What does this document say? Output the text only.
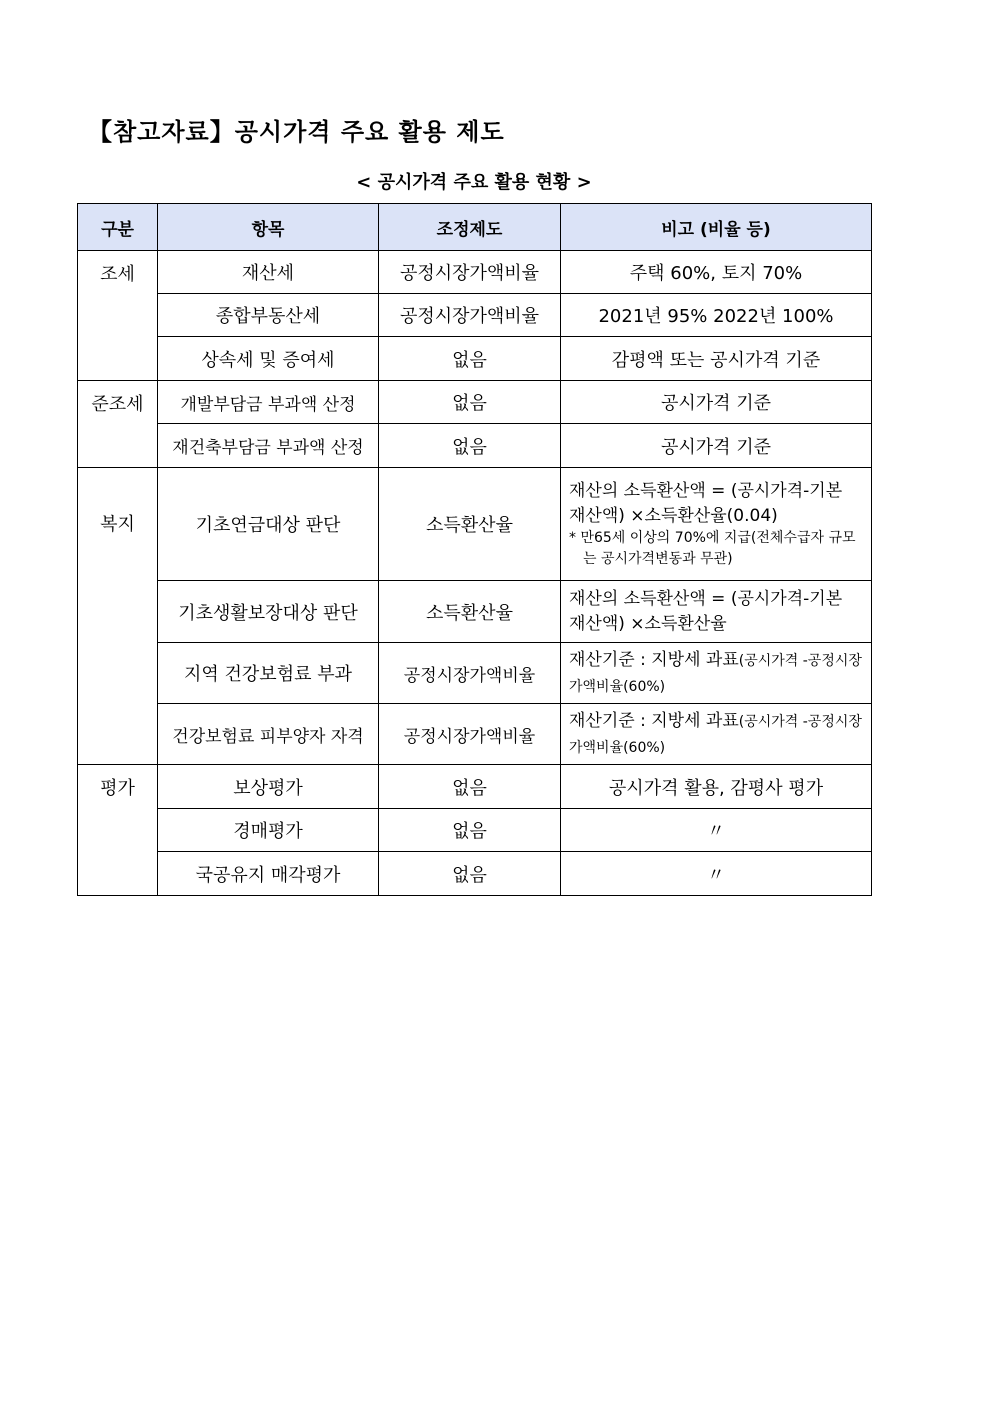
【참고자료】공시가격 주요 활용 제도
< 공시가격 주요 활용 현황 >
구분	항목	조정제도	비고 (비율 등)
조세	재산세	공정시장가액비율	주택 60%, 토지 70%
	종합부동산세	공정시장가액비율	2021년 95% 2022년 100%
	상속세 및 증여세	없음	감평액 또는 공시가격 기준
준조세	개발부담금 부과액 산정	없음	공시가격 기준
	재건축부담금 부과액 산정	없음	공시가격 기준
복지	기초연금대상 판단	소득환산율	재산의 소득환산액 = (공시가격-기본 재산액) ×소득환산율(0.04)
* 만65세 이상의 70%에 지급(전체수급자 규모는 공시가격변동과 무관)

	기초생활보장대상 판단	소득환산율	재산의 소득환산액 = (공시가격-기본 재산액) ×소득환산율

	지역 건강보험료 부과	공정시장가액비율	재산기준 : 지방세 과표(공시가격 -공정시장가액비율(60%)
	건강보험료 피부양자 자격	공정시장가액비율	재산기준 : 지방세 과표(공시가격 -공정시장가액비율(60%)
평가	보상평가	없음	공시가격 활용, 감평사 평가
	경매평가	없음	〃
	국공유지 매각평가	없음	〃
